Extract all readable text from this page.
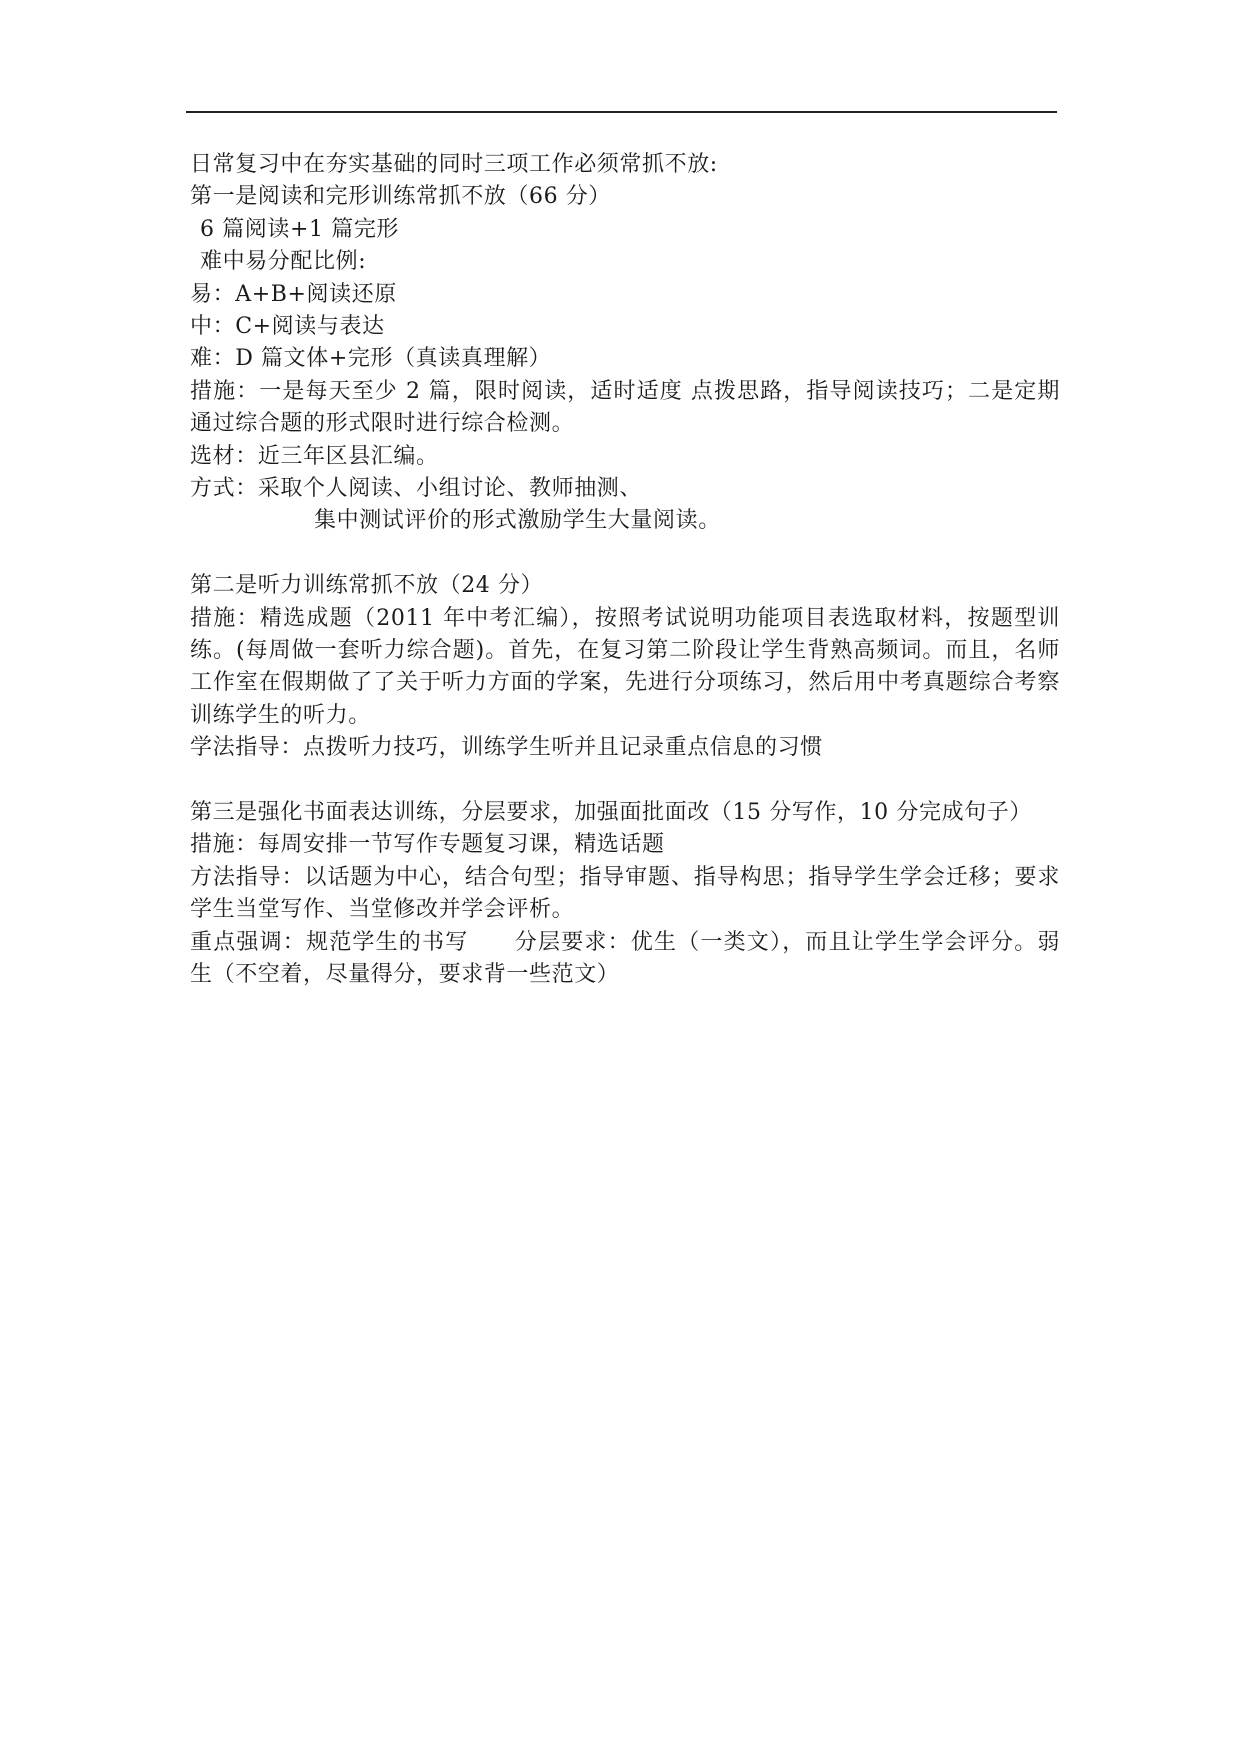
日常复习中在夯实基础的同时三项工作必须常抓不放:

第一是阅读和完形训练常抓不放（66 分）

6 篇阅读+1 篇完形

难中易分配比例:

易：A+B+阅读还原

中：C+阅读与表达

难：D 篇文体+完形（真读真理解）

措施：一是每天至少 2 篇，限时阅读，适时适度 点拨思路，指导阅读技巧；二是定期通过综合题的形式限时进行综合检测。

选材：近三年区县汇编。

方式：采取个人阅读、小组讨论、教师抽测、

集中测试评价的形式激励学生大量阅读。

第二是听力训练常抓不放（24 分）

措施：精选成题（2011 年中考汇编），按照考试说明功能项目表选取材料，按题型训练。(每周做一套听力综合题)。首先，在复习第二阶段让学生背熟高频词。而且，名师工作室在假期做了了关于听力方面的学案，先进行分项练习，然后用中考真题综合考察训练学生的听力。

学法指导：点拨听力技巧，训练学生听并且记录重点信息的习惯

第三是强化书面表达训练，分层要求，加强面批面改（15 分写作，10 分完成句子）

措施：每周安排一节写作专题复习课，精选话题

方法指导：以话题为中心，结合句型；指导审题、指导构思；指导学生学会迁移；要求学生当堂写作、当堂修改并学会评析。

重点强调：规范学生的书写　　分层要求：优生（一类文），而且让学生学会评分。弱生（不空着，尽量得分，要求背一些范文）
